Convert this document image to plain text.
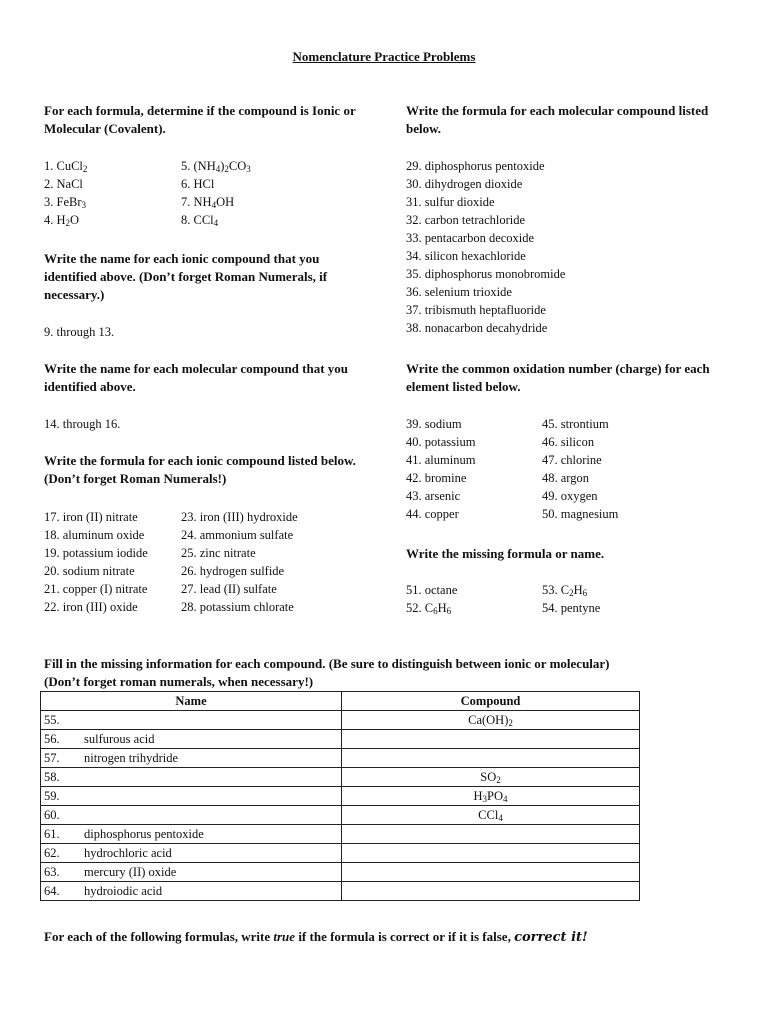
Nomenclature Practice Problems
For each formula, determine if the compound is Ionic or Molecular (Covalent).
1. CuCl$_2$
2. NaCl
3. FeBr$_3$
4. $H_2O$
5. $(NH_4)_2CO_3$
6. HCl
7. $NH_4OH$
8. CCl$_4$
Write the name for each ionic compound that you identified above. (Don’t forget Roman Numerals, if necessary.)
9. through 13.
Write the name for each molecular compound that you identified above.
14. through 16.
Write the formula for each ionic compound listed below. (Don’t forget Roman Numerals!)
17. iron (II) nitrate
18. aluminum oxide
19. potassium iodide
20. sodium nitrate
21. copper (I) nitrate
22. iron (III) oxide
23. iron (III) hydroxide
24. ammonium sulfate
25. zinc nitrate
26. hydrogen sulfide
27. lead (II) sulfate
28. potassium chlorate
Write the formula for each molecular compound listed below.
29. diphosphorus pentoxide
30. dihydrogen dioxide
31. sulfur dioxide
32. carbon tetrachloride
33. pentacarbon decoxide
34. silicon hexachloride
35. diphosphorus monobromide
36. selenium trioxide
37. tribismuth heptafluoride
38. nonacarbon decahydride
Write the common oxidation number (charge) for each element listed below.
39. sodium
40. potassium
41. aluminum
42. bromine
43. arsenic
44. copper
45. strontium
46. silicon
47. chlorine
48. argon
49. oxygen
50. magnesium
Write the missing formula or name.
51. octane
52. $C_6H_6$
53. $C_2H_6$
54. pentyne
Fill in the missing information for each compound. (Be sure to distinguish between ionic or molecular)
(Don’t forget roman numerals, when necessary!)
Name	Compound
55.	$Ca(OH)_2$
56. sulfurous acid	
57. nitrogen trihydride	
58.	$SO_2$
59.	$H_3PO_4$
60.	CCl$_4$
61. diphosphorus pentoxide	
62. hydrochloric acid	
63. mercury (II) oxide	
64. hydroiodic acid	
For each of the following formulas, write true if the formula is correct or if it is false, correct it!
